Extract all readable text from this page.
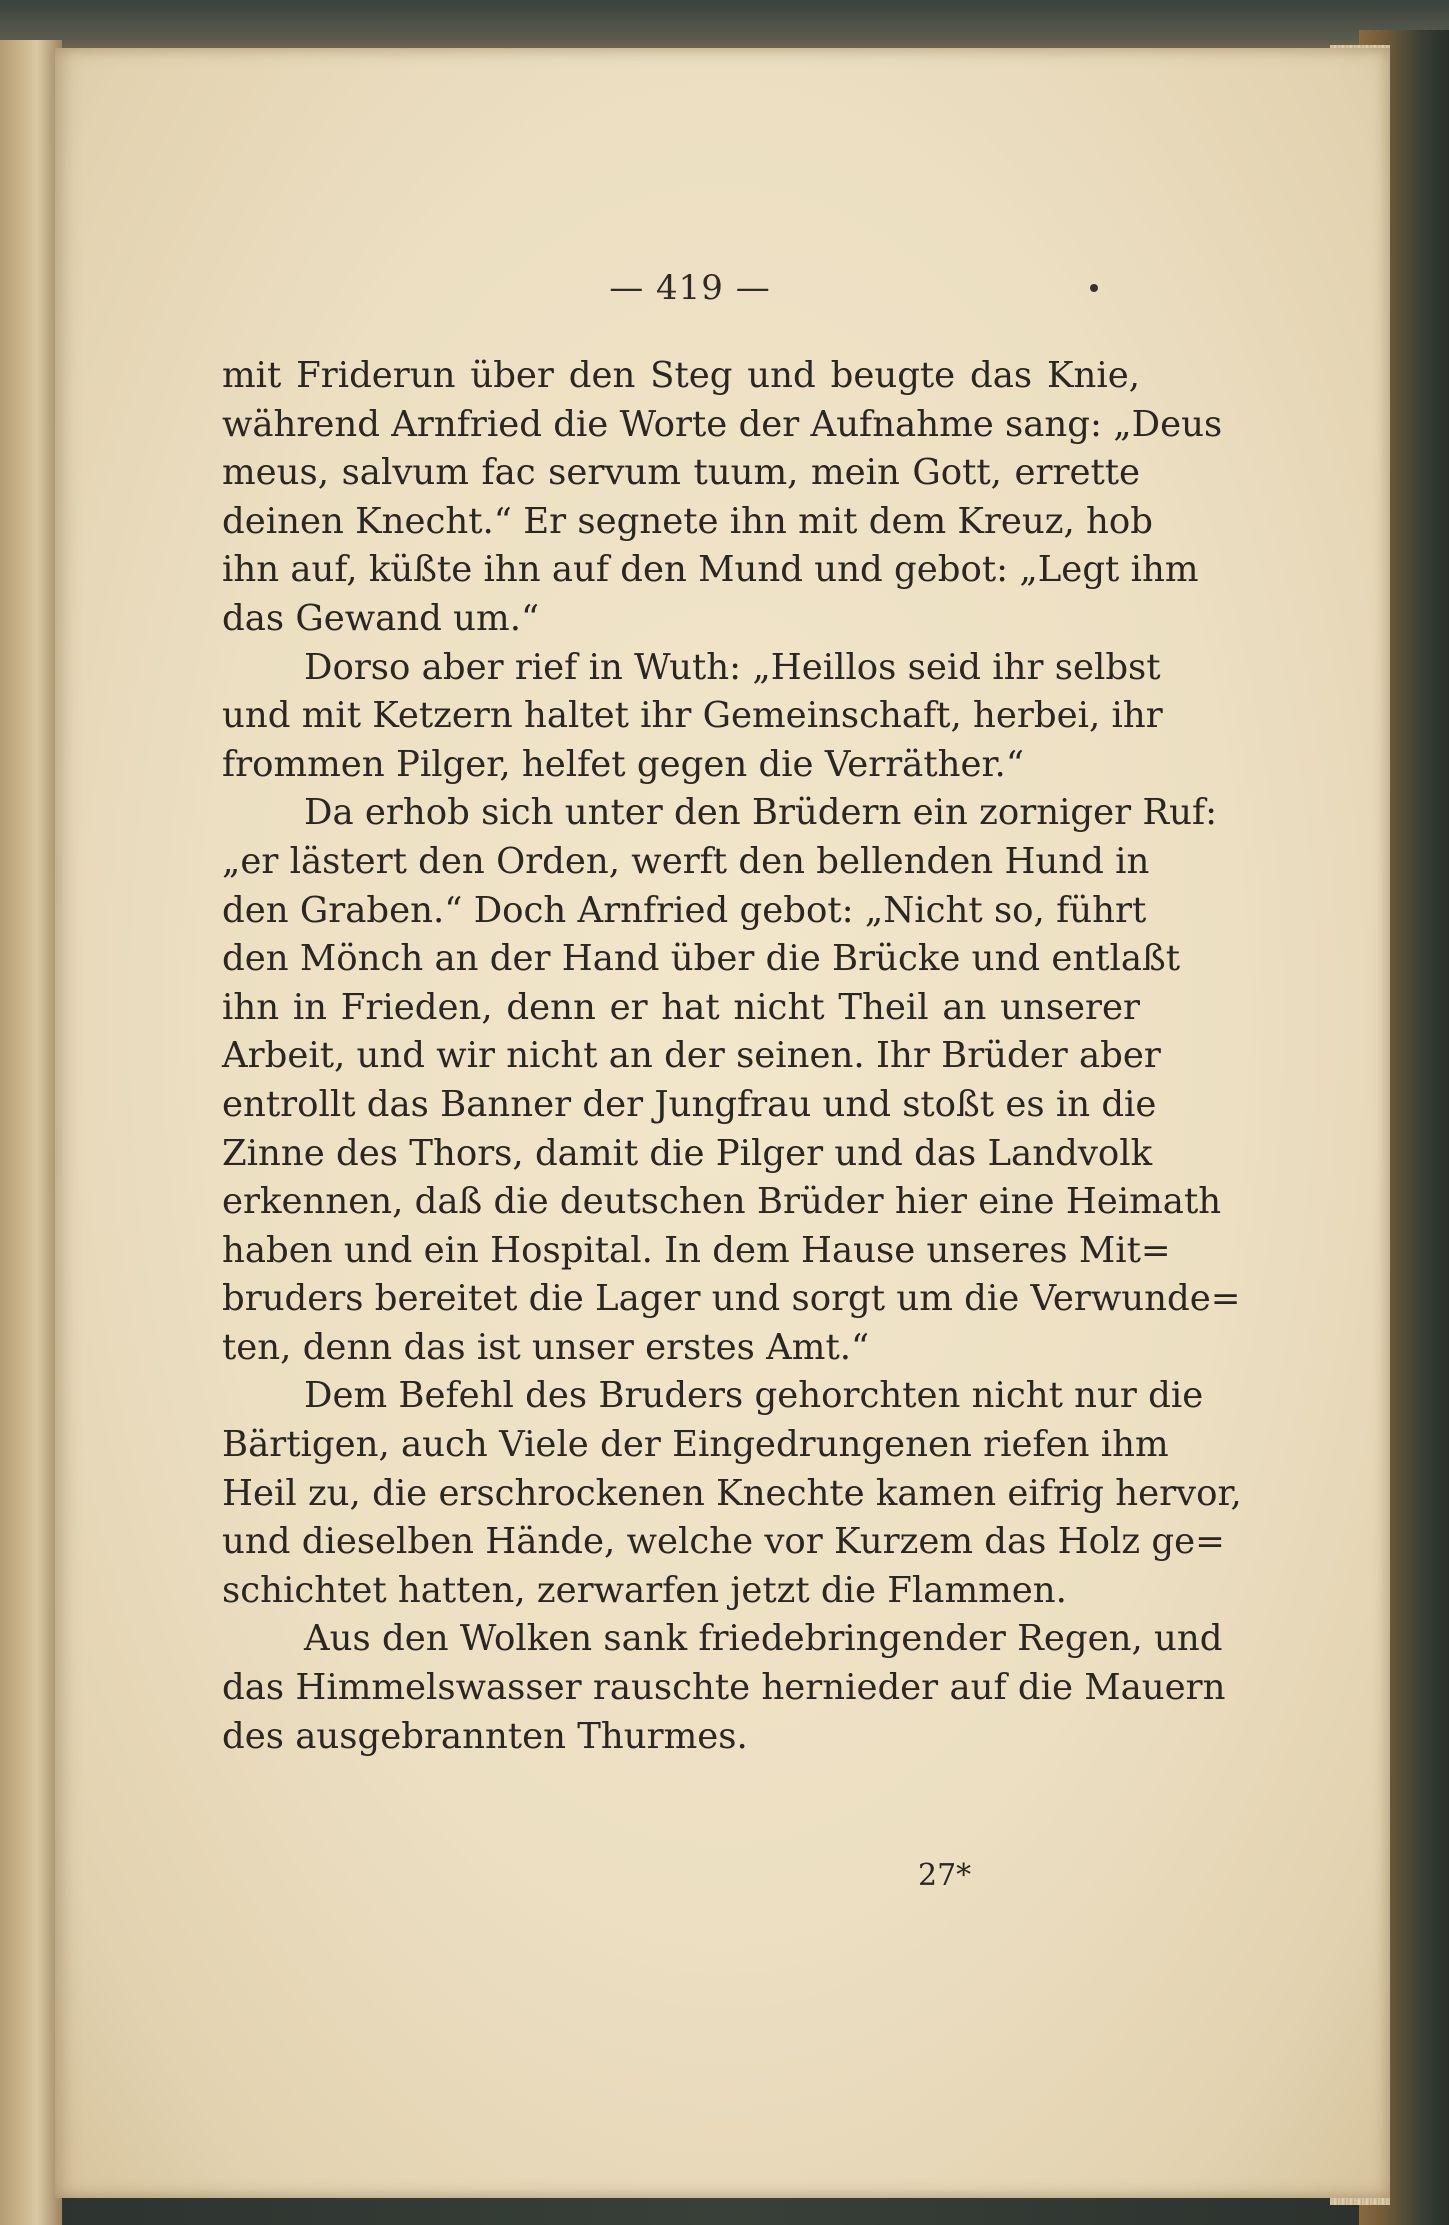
— 419 —
mit Friderun über den Steg und beugte das Knie,
während Arnfried die Worte der Aufnahme sang: „Deus
meus, salvum fac servum tuum, mein Gott, errette
deinen Knecht.“ Er segnete ihn mit dem Kreuz, hob
ihn auf, küßte ihn auf den Mund und gebot: „Legt ihm
das Gewand um.“
Dorso aber rief in Wuth: „Heillos seid ihr selbst
und mit Ketzern haltet ihr Gemeinschaft, herbei, ihr
frommen Pilger, helfet gegen die Verräther.“
Da erhob sich unter den Brüdern ein zorniger Ruf:
„er lästert den Orden, werft den bellenden Hund in
den Graben.“ Doch Arnfried gebot: „Nicht so, führt
den Mönch an der Hand über die Brücke und entlaßt
ihn in Frieden, denn er hat nicht Theil an unserer
Arbeit, und wir nicht an der seinen. Ihr Brüder aber
entrollt das Banner der Jungfrau und stoßt es in die
Zinne des Thors, damit die Pilger und das Landvolk
erkennen, daß die deutschen Brüder hier eine Heimath
haben und ein Hospital. In dem Hause unseres Mit=
bruders bereitet die Lager und sorgt um die Verwunde=
ten, denn das ist unser erstes Amt.“
Dem Befehl des Bruders gehorchten nicht nur die
Bärtigen, auch Viele der Eingedrungenen riefen ihm
Heil zu, die erschrockenen Knechte kamen eifrig hervor,
und dieselben Hände, welche vor Kurzem das Holz ge=
schichtet hatten, zerwarfen jetzt die Flammen.
Aus den Wolken sank friedebringender Regen, und
das Himmelswasser rauschte hernieder auf die Mauern
des ausgebrannten Thurmes.
27*
